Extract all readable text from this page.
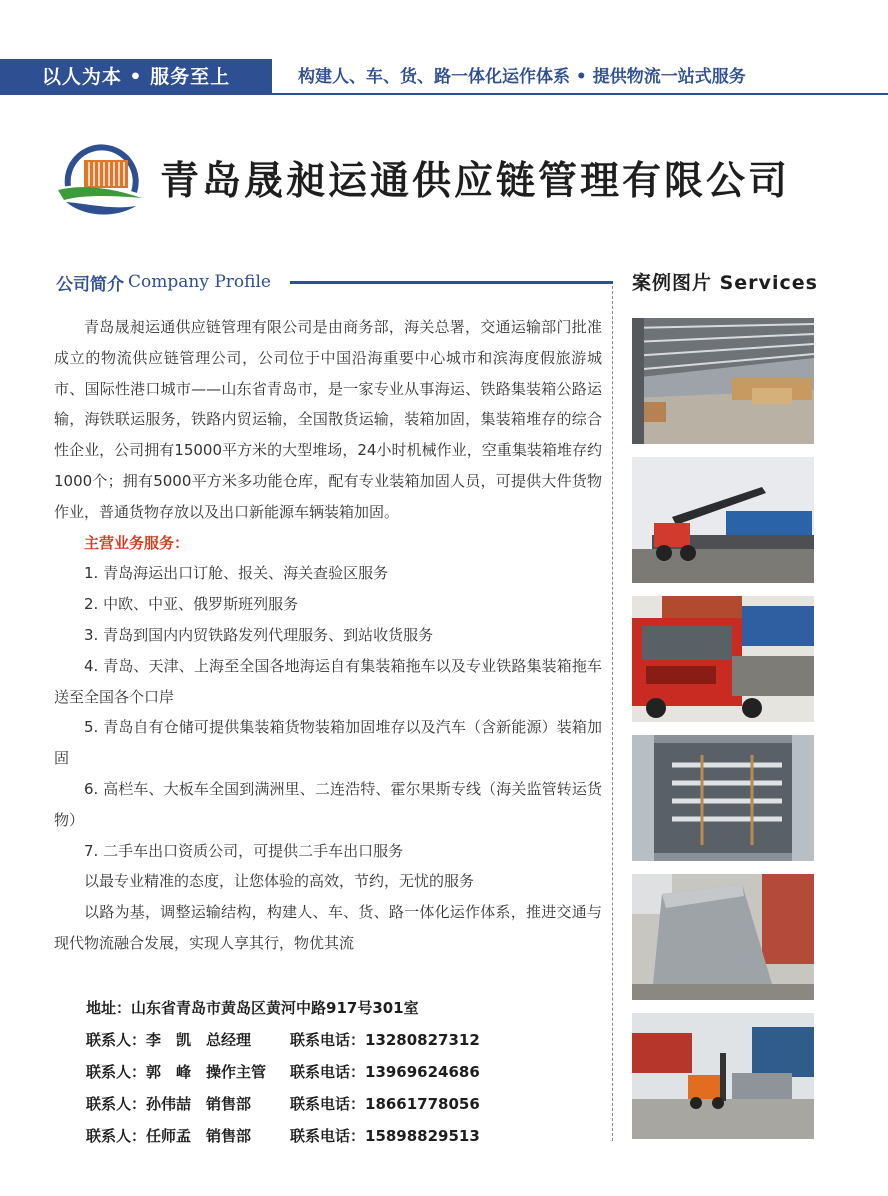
以人为本 • 服务至上	构建人、车、货、路一体化运作体系 • 提供物流一站式服务
青岛晟昶运通供应链管理有限公司
公司简介 Company Profile

青岛晟昶运通供应链管理有限公司是由商务部，海关总署，交通运输部门批准成立的物流供应链管理公司，公司位于中国沿海重要中心城市和滨海度假旅游城市、国际性港口城市——山东省青岛市，是一家专业从事海运、铁路集装箱公路运输，海铁联运服务，铁路内贸运输，全国散货运输，装箱加固，集装箱堆存的综合性企业，公司拥有15000平方米的大型堆场，24小时机械作业，空重集装箱堆存约1000个；拥有5000平方米多功能仓库，配有专业装箱加固人员，可提供大件货物作业，普通货物存放以及出口新能源车辆装箱加固。

主营业务服务：

1. 青岛海运出口订舱、报关、海关查验区服务

2. 中欧、中亚、俄罗斯班列服务

3. 青岛到国内内贸铁路发列代理服务、到站收货服务

4. 青岛、天津、上海至全国各地海运自有集装箱拖车以及专业铁路集装箱拖车送至全国各个口岸

5. 青岛自有仓储可提供集装箱货物装箱加固堆存以及汽车（含新能源）装箱加固

6. 高栏车、大板车全国到满洲里、二连浩特、霍尔果斯专线（海关监管转运货物）

7. 二手车出口资质公司，可提供二手车出口服务

以最专业精准的态度，让您体验的高效，节约，无忧的服务

以路为基，调整运输结构，构建人、车、货、路一体化运作体系，推进交通与现代物流融合发展，实现人享其行，物优其流

地址：山东省青岛市黄岛区黄河中路917号301室
联系人：李　凯　总经理	联系电话：13280827312
联系人：郭　峰　操作主管	联系电话：13969624686
联系人：孙伟喆　销售部	联系电话：18661778056
联系人：任师孟　销售部	联系电话：15898829513
案例图片 Services
